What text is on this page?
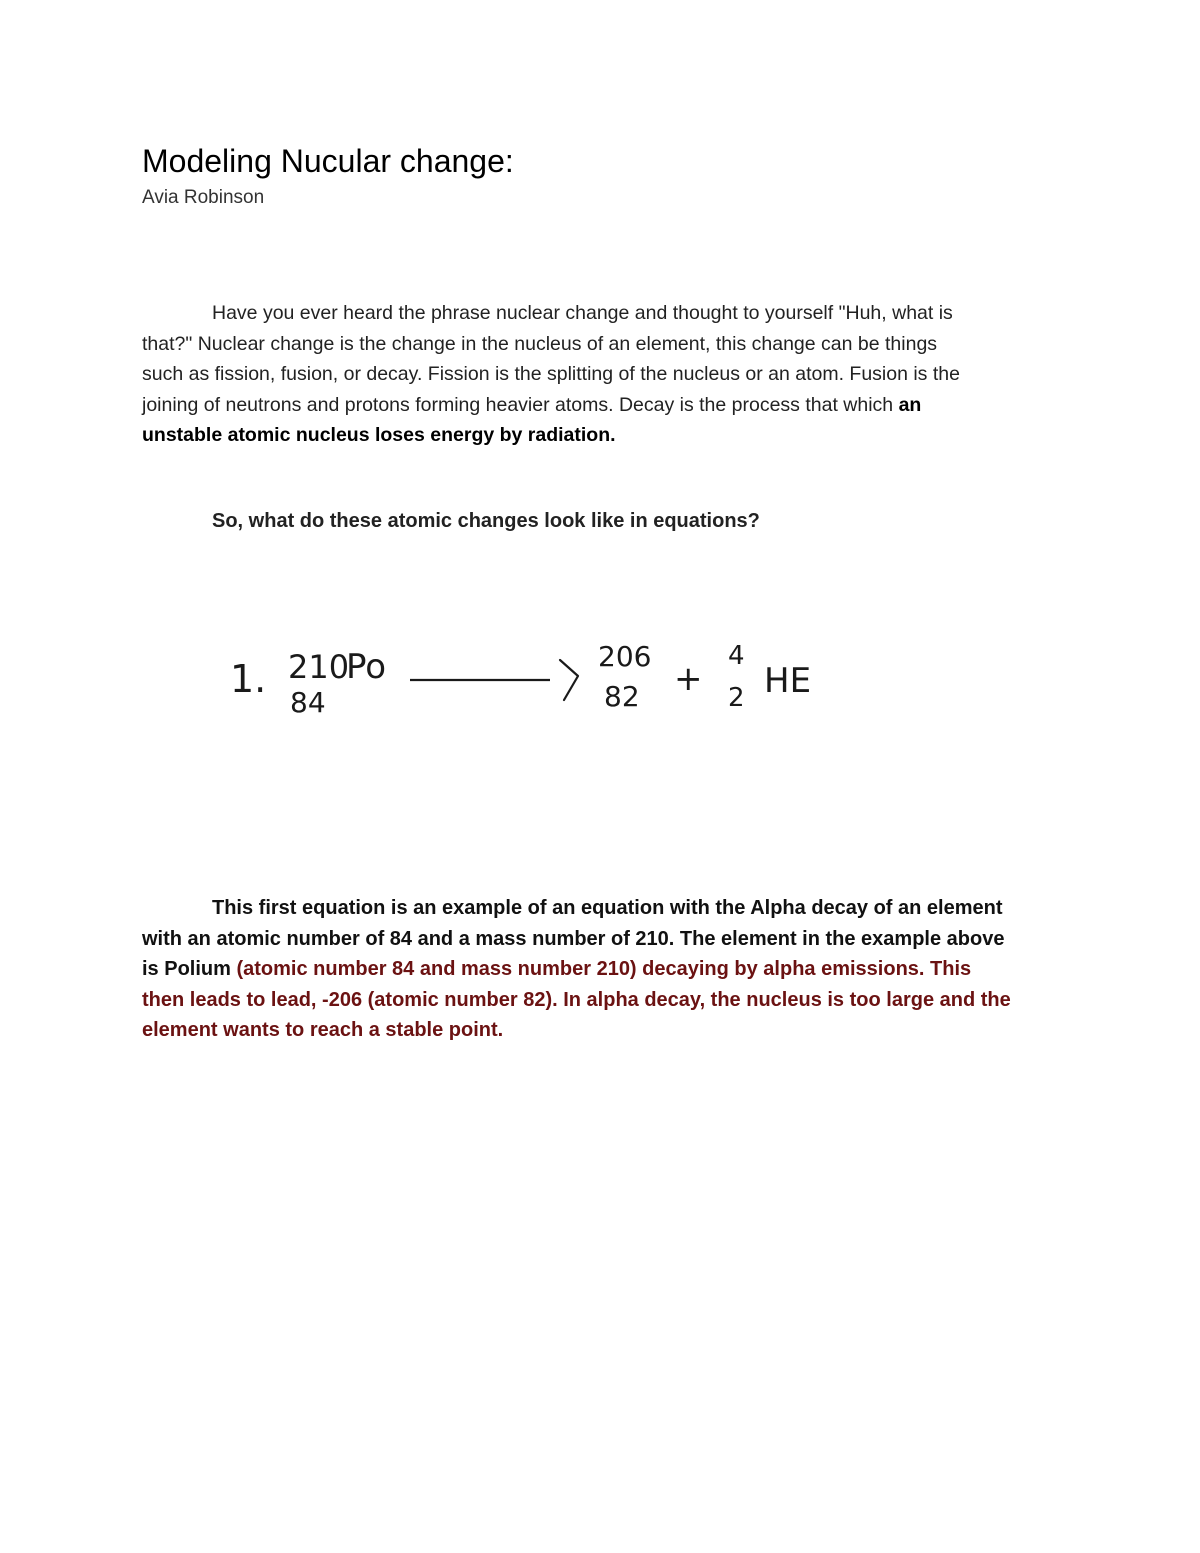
Modeling Nucular change:

Avia Robinson

Have you ever heard the phrase nuclear change and thought to yourself "Huh, what is
that?" Nuclear change is the change in the nucleus of an element, this change can be things
such as fission, fusion, or decay. Fission is the splitting of the nucleus or an atom. Fusion is the
joining of neutrons and protons forming heavier atoms. Decay is the process that which an
unstable atomic nucleus loses energy by radiation.

So, what do these atomic changes look like in equations?

1. 210
Po
84
206
82 +
4
2 HE
This first equation is an example of an equation with the Alpha decay of an element
with an atomic number of 84 and a mass number of 210. The element in the example above
is Polium (atomic number 84 and mass number 210) decaying by alpha emissions. This
then leads to lead, -206 (atomic number 82). In alpha decay, the nucleus is too large and the
element wants to reach a stable point.
